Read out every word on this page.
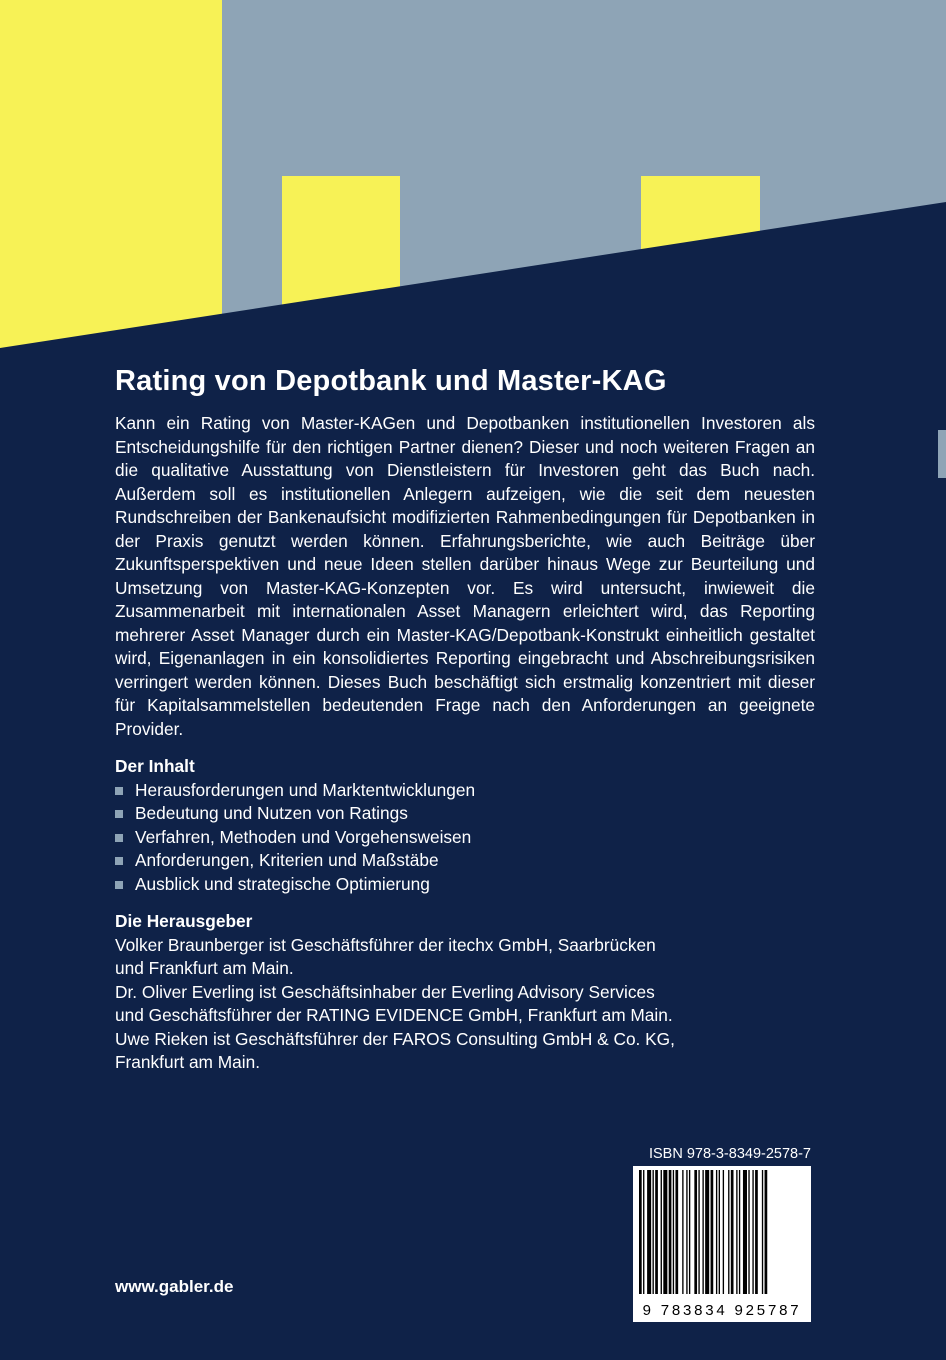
Rating von Depotbank und Master-KAG

Kann ein Rating von Master-KAGen und Depotbanken institutionellen Investoren als Entscheidungshilfe für den richtigen Partner dienen? Dieser und noch weiteren Fragen an die qualitative Ausstattung von Dienstleistern für Investoren geht das Buch nach. Außerdem soll es institutionellen Anlegern aufzeigen, wie die seit dem neuesten Rundschreiben der Bankenaufsicht modifizierten Rahmenbedingungen für Depotbanken in der Praxis genutzt werden können. Erfahrungsberichte, wie auch Beiträge über Zukunftsperspektiven und neue Ideen stellen darüber hinaus Wege zur Beurteilung und Umsetzung von Master-KAG-Konzepten vor. Es wird untersucht, inwieweit die Zusammenarbeit mit internationalen Asset Managern erleichtert wird, das Reporting mehrerer Asset Manager durch ein Master-KAG/Depotbank-Konstrukt einheitlich gestaltet wird, Eigenanlagen in ein konsolidiertes Reporting eingebracht und Abschreibungsrisiken verringert werden können. Dieses Buch beschäftigt sich erstmalig konzentriert mit dieser für Kapitalsammelstellen bedeutenden Frage nach den Anforderungen an geeignete Provider.

Der Inhalt
Herausforderungen und Marktentwicklungen
Bedeutung und Nutzen von Ratings
Verfahren, Methoden und Vorgehensweisen
Anforderungen, Kriterien und Maßstäbe
Ausblick und strategische Optimierung
Die Herausgeber

Volker Braunberger ist Geschäftsführer der itechx GmbH, Saarbrücken

und Frankfurt am Main.

Dr. Oliver Everling ist Geschäftsinhaber der Everling Advisory Services

und Geschäftsführer der RATING EVIDENCE GmbH, Frankfurt am Main.

Uwe Rieken ist Geschäftsführer der FAROS Consulting GmbH & Co. KG,

Frankfurt am Main.

ISBN 978-3-8349-2578-7
9 783834 925787
www.gabler.de
